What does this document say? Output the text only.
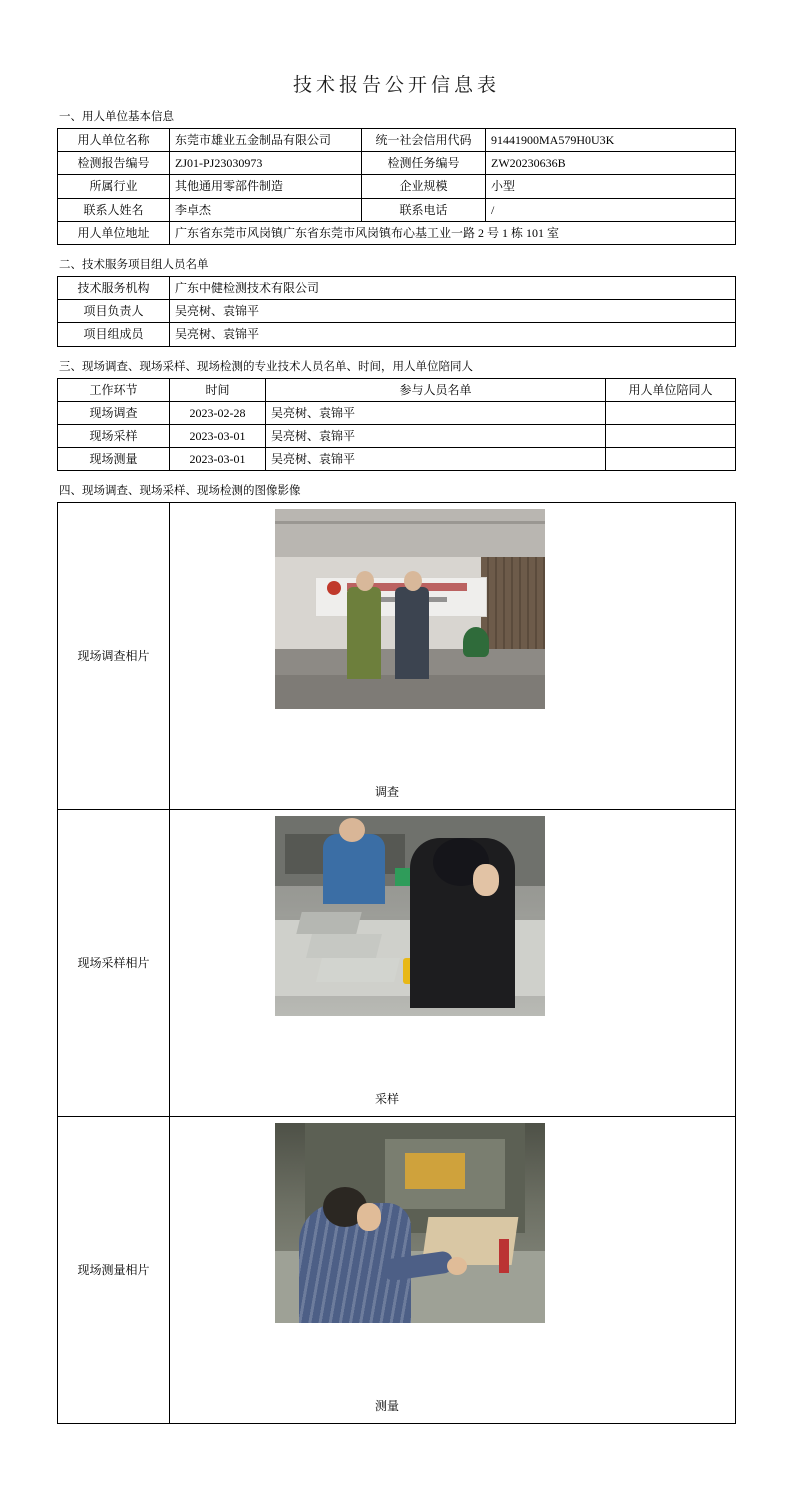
技术报告公开信息表
一、用人单位基本信息
用人单位名称	东莞市雄业五金制品有限公司	统一社会信用代码	91441900MA579H0U3K
检测报告编号	ZJ01-PJ23030973	检测任务编号	ZW20230636B
所属行业	其他通用零部件制造	企业规模	小型
联系人姓名	李卓杰	联系电话	/
用人单位地址	广东省东莞市风岗镇广东省东莞市风岗镇布心基工业一路 2 号 1 栋 101 室		
二、技术服务项目组人员名单
技术服务机构	广东中健检测技术有限公司
项目负责人	吴亮树、袁锦平
项目组成员	吴亮树、袁锦平
三、现场调查、现场采样、现场检测的专业技术人员名单、时间，用人单位陪同人
工作环节	时间	参与人员名单	用人单位陪同人
现场调查	2023-02-28	吴亮树、袁锦平	
现场采样	2023-03-01	吴亮树、袁锦平	
现场测量	2023-03-01	吴亮树、袁锦平	
四、现场调查、现场采样、现场检测的图像影像
现场调查相片	调查

现场采样相片	采样

现场测量相片	测量
